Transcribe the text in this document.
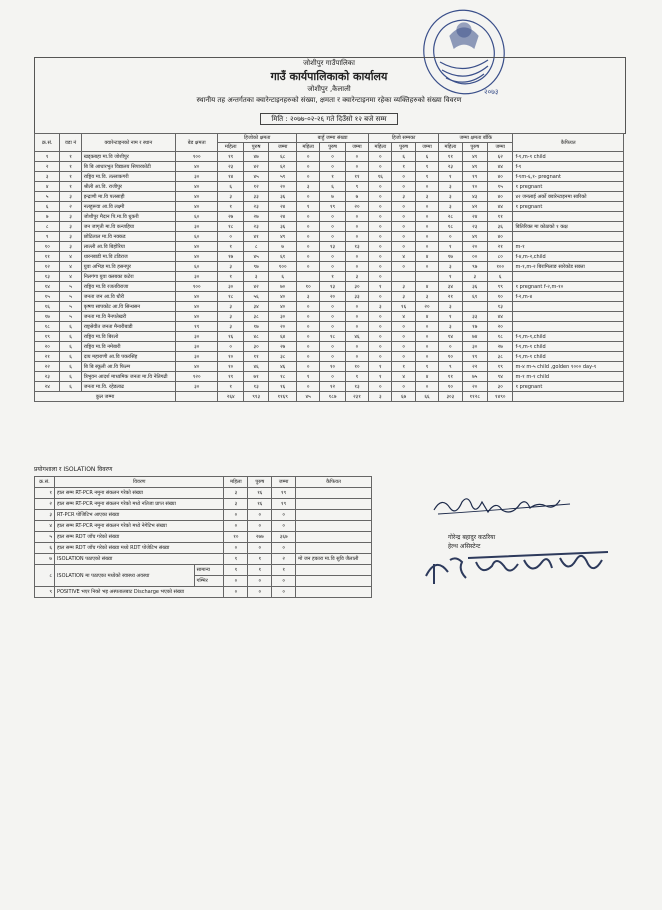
२०७३
जोशीपुर गाउँपालिका
गाउँ कार्यपालिकाको कार्यालय
जोशीपुर ,कैलाली
स्थानीय तह अन्तर्गतका क्वारेन्टाइनहरुको संख्या, क्षमता र क्वारेन्टाइनमा रहेका व्यक्तिहरुको संख्या विवरण
मिति : २०७७-०२-२६ गते दिउँसो १२ बजे सम्म
क्र.सं.	वडा नं	क्वारेन्टाइनको नाम र स्थान	बेड क्षमता	हिजोको क्षमता			बाहुँ जम्मा संख्या			हिजो सम्मका			जम्मा क्षमता बाँकि			कैफियत
				महिला	पुरुष	जम्मा	महिला	पुरुष	जम्मा	महिला	पुरुष	जम्मा	महिला	पुरुष	जम्मा	
१	१	खड्कबहा मा.वि जोशीपुर	१००	११	४७	६८	०	०	०	०	६	६	११	४१	६२	f-१,m-१ child
२	१	बि बि आधारभुत विद्यालय सिपारकोटी	४०	२३	४२	६२	०	०	०	०	१	१	२३	४१	४४	f-१
३	१	राष्ट्रिय मा.वि. तल्लाकगरी	३०	१४	४५	५९	०	१	११	१६	०	१	१	१९	४०	f-१m-६,१- pregnant
४	१	श्रीली आ.वि. राजीपुर	४०	६	१२	२०	३	६	९	०	०	०	३	१०	१५	१ pregnant
५	३	इन्द्राणी मा.वि पलसाही	४०	३	३३	३६	०	७	७	०	३	३	३	४३	४०	४२ जनलाई अर्को क्वारेन्टाइनमा सारिको
६	२	नलहुरूवा आ.वि लक्ष्मी	४०	१	२३	२४	१	१९	२०	०	०	०	३	४२	४४	१ pregnant
७	३	जोशीपुर मैदान पि.मा.वि धुकरी	६०	२७	२७	२४	०	०	०	०	०	०	२८	२४	११	
८	३	जन जागृती मा.वि कन्जहिया	३०	१८	२३	३६	०	०	०	०	०	०	१८	२३	३६	बितिरिक्त मा कोठाको १ कक्ष
९	३	छोटिलाल मा.वि नक्कड	६०	०	४१	४९	०	०	०	०	०	०	०	४१	४०	
१०	३	लाल्ली आ.वि बिहोरिया	४०	१	८	७	०	१३	१३	०	०	०	१	२०	२१	m-१
११	४	धारनबाडी मा.वि टडिराज	४०	१७	४५	६१	०	०	०	०	४	४	१७	००	८०	f-४,m-२,child
१२	४	युवा अभिज्ञ मा.वि हसनपुर	६०	३	९७	१००	०	०	०	०	०	०	३	९७	१००	m-१,m-२ बिरामिलाङ सारेकोड सक्ता
१३	४	निलगंगा युवा क्लबका कटेरा	३०	१	३	६		१	३	०			१	३	६	
१४	५	राष्ट्रिय मा.वि रजतविराजा	१००	३०	४२	७०	१०	१३	३०	१	३	४	३४	३६	९९	१ pregnant f-२,m-१०
१५	५	जनता जन आ.वि धौरी	४०	१८	५६	४०	३	२०	३३	०	३	३	२१	६१	१०	f-२,m-४
१६	५	कृष्णा सापकोट आ.वि सिन्धसन	४०	३	३४	४०	०	०	०	३	१६	२०	३		१३	
१७	५	जनता मा.वि नैनपतेखरी	४०	३	३८	३०	०	०	०	०	४	४	१	३३	४४	
१८	६	राष्ट्रसेवीत जनता मैनारीबाडी	११	३	१७	२०	०	०	०	०	०	०	३	१७	२०	
१९	६	राष्ट्रिय मा.वि बिरलो	३०	१६	४८	६४	०	१८	४६	०	०	०	१४	७४	१८	f-१,m-१,child
२०	६	राष्ट्रिय मा.वि नमेबारी	३०	०	३०	२७	०	०	०	०	०	०	०	३०	२७	f-१,m-१ child
२१	६	दाय महाराणी आ.वि पकरसिंह	३०	१०	११	३८	०	०	०	०	०	०	१०	११	३८	f-१,m-१ child
२२	६	बि बि स्कूली आ.वि फिल्म	४०	१०	४६	४६	०	१०	१०	१	१	१	९	२२	१९	m-४ m-५ child ,golden १००० day-१
२३	६	त्रिभुवन आदर्श माध्यमिक जनता मा.वि नेतिगढी	१२०	११	७१	१८	१	०	१	१	४	४	११	७५	९४	m-१ m-१ child
२४	६	जनता मा.वि. रहेडलाढ	३०	१	१३	१६	०	१२	१३	०	०	०	१०	२०	३०	१ pregnant
कुल जम्मा				२६४	९१३	११६९	४५	१८७	२३१	३	६७	६६	३०३	११२८	१४९०	
प्रयोगशाला र ISOLATION विवरण
क्र.सं.	विवरण		महिला	पुरुष	जम्मा	कैफियत
१	हाल सम्म RT-PCR नमुना संकलन गरेको संख्या		३	१६	१९	
२	हाल सम्म RT-PCR नमुना संकलन गरेको मध्ये नतिजा प्राप्त संख्या		३	१६	१९	
३	RT-PCR पोजिटिभ आएका संख्या		०	०	०	
४	हाल सम्म RT-PCR नमुना संकलन गरेको मध्ये नेगेटिभ संख्या		०	०	०	
५	हाल सम्म RDT जाँच गरेको संख्या		१०	२७७	३६७	
६	हाल सम्म RDT जाँच गरेको संख्या मध्ये RDT पोजेटिभ संख्या		०	०	०	
७	ISOLATION पठाएको संख्या		१	१	२	मो जन हकारा मा.वि सुवि जैलाली
८	ISOLATION मा पठाएका मध्येको स्वास्थ्य अवस्था	सामान्य	१	१	१	
		गम्भिर	०	०	०	
९	POSITIVE भएर निको भइ अस्पतालबाट Discharge भएको संख्या		०	०	०	
गोरेन्द्र बहादुर कठरिया
हेल्थ असिस्टेन्ट
